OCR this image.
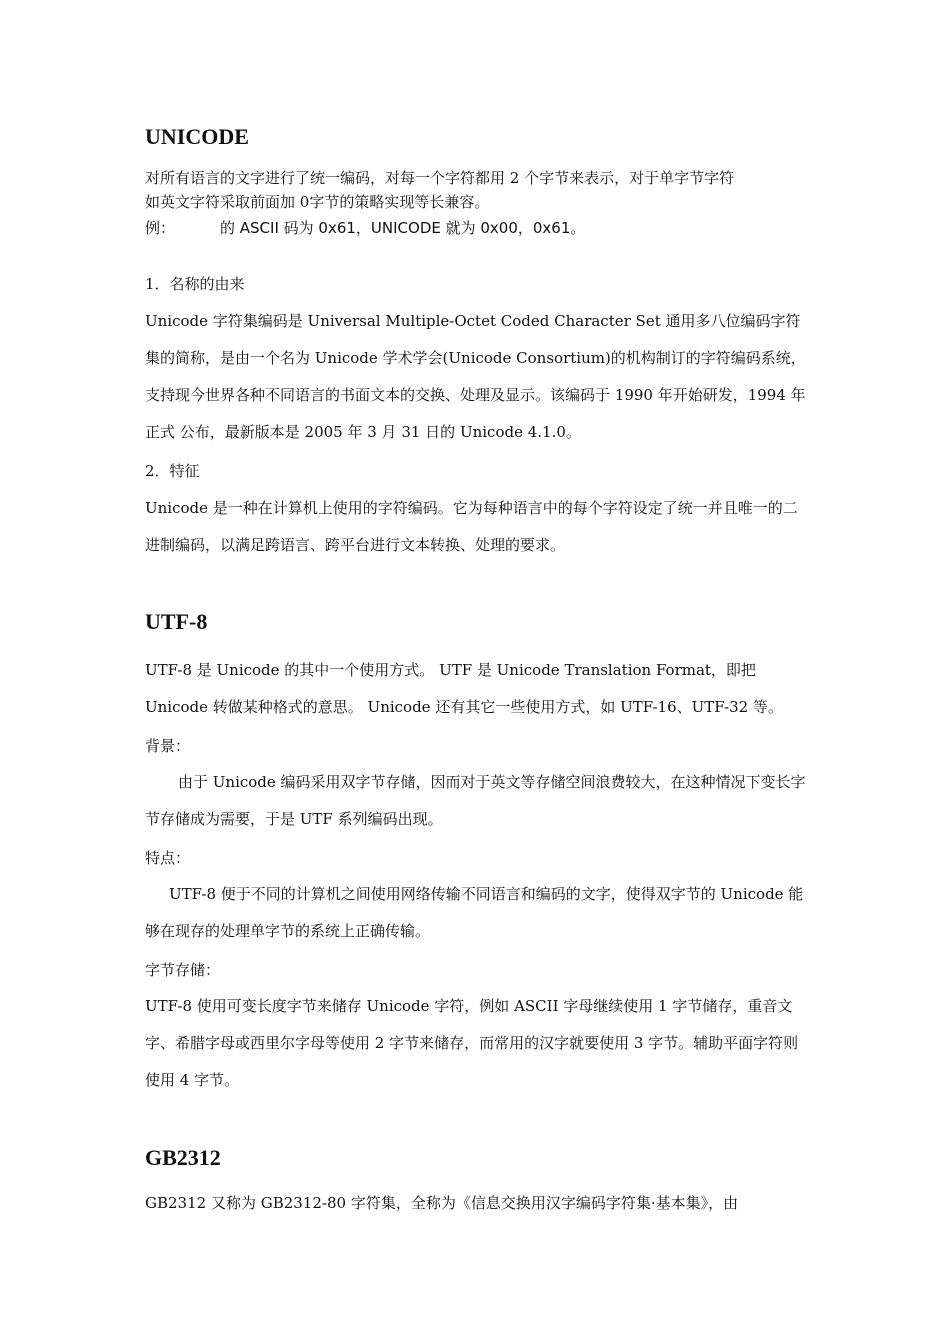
UNICODE

对所有语言的文字进行了统一编码，对每一个字符都用 2 个字节来表示，对于单字节字符

如英文字符采取前面加 0字节的策略实现等长兼容。

例：	的 ASCII 码为 0x61，UNICODE 就为 0x00，0x61。

1．名称的由来

Unicode 字符集编码是 Universal Multiple-Octet Coded Character Set 通用多八位编码字符集的简称，是由一个名为 Unicode 学术学会(Unicode Consortium)的机构制订的字符编码系统，支持现今世界各种不同语言的书面文本的交换、处理及显示。该编码于 1990 年开始研发，1994 年正式 公布，最新版本是 2005 年 3 月 31 日的 Unicode 4.1.0。

2．特征

Unicode 是一种在计算机上使用的字符编码。它为每种语言中的每个字符设定了统一并且唯一的二进制编码，以满足跨语言、跨平台进行文本转换、处理的要求。

UTF-8

UTF-8 是 Unicode 的其中一个使用方式。 UTF 是 Unicode Translation Format，即把 Unicode 转做某种格式的意思。 Unicode 还有其它一些使用方式，如 UTF-16、UTF-32 等。

背景：

由于 Unicode 编码采用双字节存储，因而对于英文等存储空间浪费较大，在这种情况下变长字节存储成为需要，于是 UTF 系列编码出现。

特点：

UTF-8 便于不同的计算机之间使用网络传输不同语言和编码的文字，使得双字节的 Unicode 能够在现存的处理单字节的系统上正确传输。

字节存储：

UTF-8 使用可变长度字节来储存 Unicode 字符，例如 ASCII 字母继续使用 1 字节储存，重音文字、希腊字母或西里尔字母等使用 2 字节来储存，而常用的汉字就要使用 3 字节。辅助平面字符则使用 4 字节。

GB2312

GB2312 又称为 GB2312-80 字符集，全称为《信息交换用汉字编码字符集·基本集》，由
